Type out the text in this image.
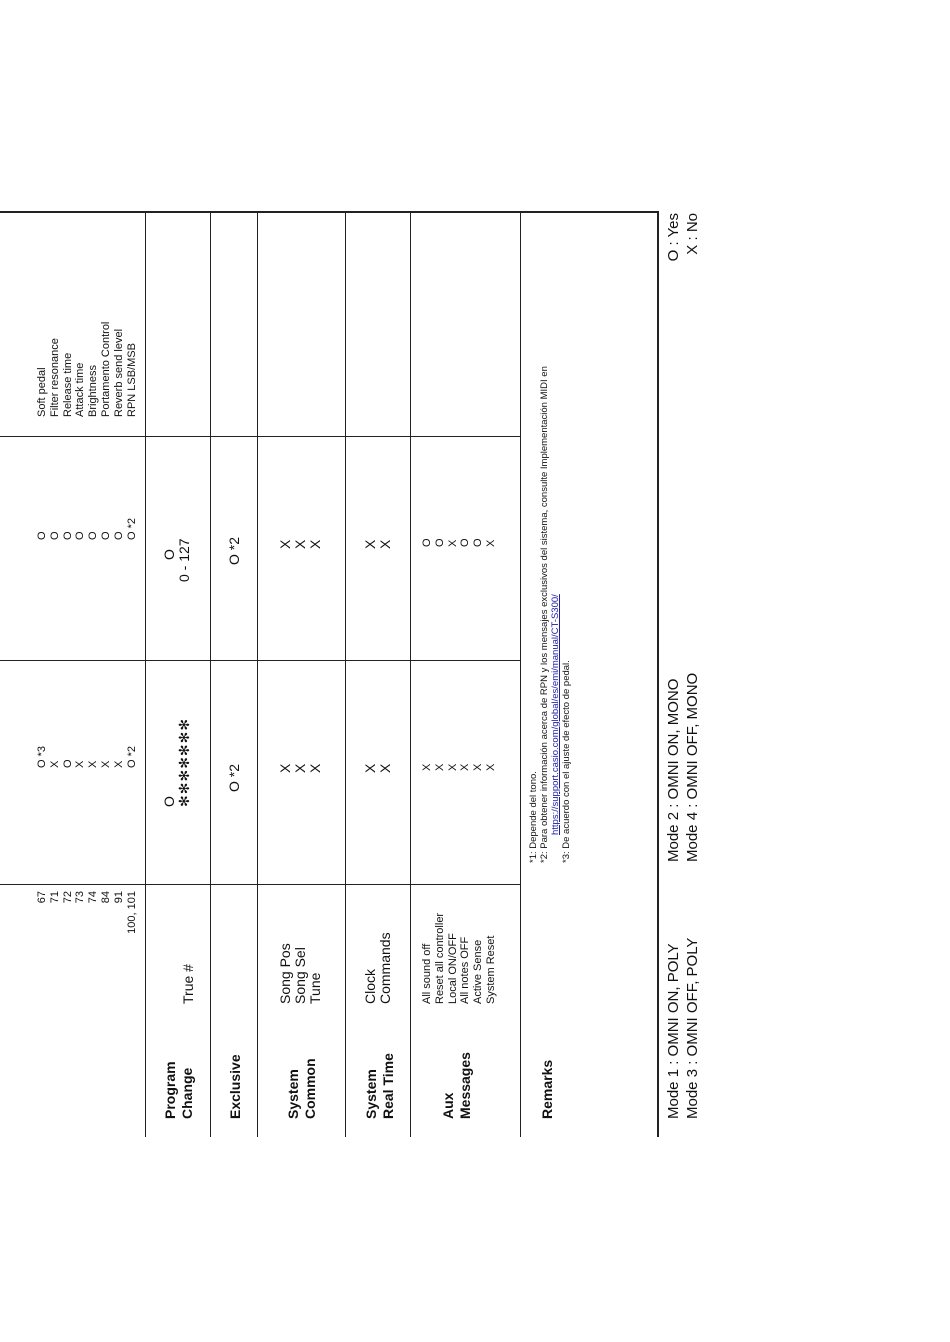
67 71 72 73 74 84 91 100, 101
O *3 X O X X X X O *2
O O O O O O O O *2
Soft pedal Filter resonance Release time Attack time Brightness Portamento Control Reverb send level RPN LSB/MSB
Program Change
True #
O ✻✻✻✻✻✻✻
O 0 - 127
Exclusive
O *2
O *2
System Common
Song Pos Song Sel Tune
X X X
X X X
System Real Time
Clock Commands
X X
X X
Aux Messages
All sound off Reset all controller Local ON/OFF All notes OFF Active Sense System Reset
X X X X X X
O O X O O X
Remarks
*1: Depende del tono. *2: Para obtener información acerca de RPN y los mensajes exclusivos del sistema, consulte Implementación MIDI en https://support.casio.com/global/es/emi/manual/CT-S300/ *3: De acuerdo con el ajuste de efecto de pedal.
Mode 1 : OMNI ON, POLY Mode 3 : OMNI OFF, POLY
Mode 2 : OMNI ON, MONO Mode 4 : OMNI OFF, MONO
O : Yes X : No
